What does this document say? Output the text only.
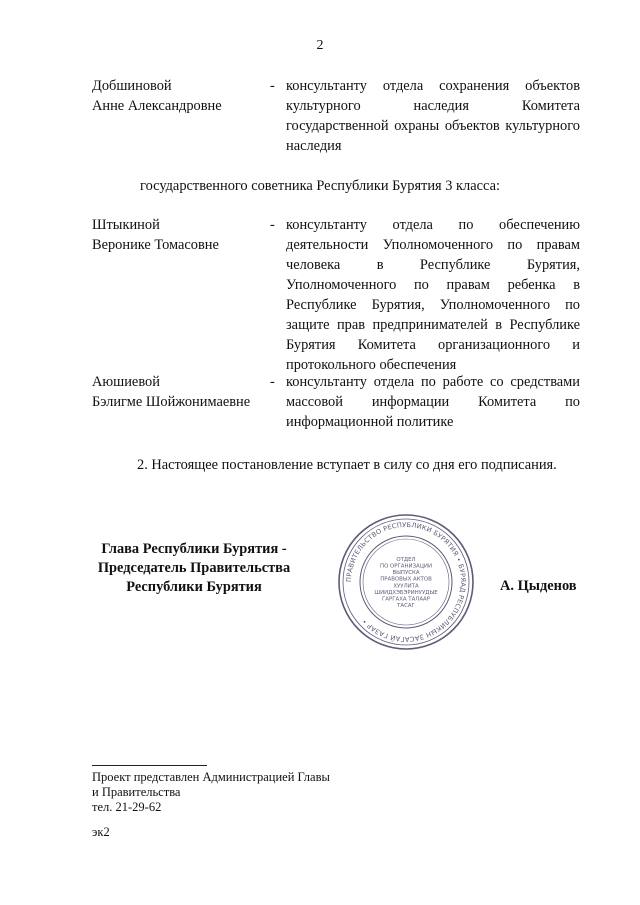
2
Добшиновой
Анне Александровне
- консультанту отдела сохранения объектов культурного наследия Комитета государственной охраны объектов культурного наследия
государственного советника Республики Бурятия 3 класса:
Штыкиной
Веронике Томасовне
- консультанту отдела по обеспечению деятельности Уполномоченного по правам человека в Республике Бурятия, Уполномоченного по правам ребенка в Республике Бурятия, Уполномоченного по защите прав предпринимателей в Республике Бурятия Комитета организационного и протокольного обеспечения
Аюшиевой
Бэлигме Шойжонимаевне
- консультанту отдела по работе со средствами массовой информации Комитета по информационной политике
2. Настоящее постановление вступает в силу со дня его подписания.
Глава Республики Бурятия -
Председатель Правительства
Республики Бурятия	ПРАВИТЕЛЬСТВО РЕСПУБЛИКИ БУРЯТИЯ • БУРЯАД РЕСПУБЛИКЫН ЗАСАГАЙ ГАЗАР •
ОТДЕЛ
ПО ОРГАНИЗАЦИИ
ВЫПУСКА
ПРАВОВЫХ АКТОВ
ХУУЛИТА
ШИИДХЭБЭРИНУУДЫЕ
ГАРГАХА ТАЛААР
ТАСАГ
А. Цыденов
Проект представлен Администрацией Главы
и Правительства
тел. 21-29-62
эк2
